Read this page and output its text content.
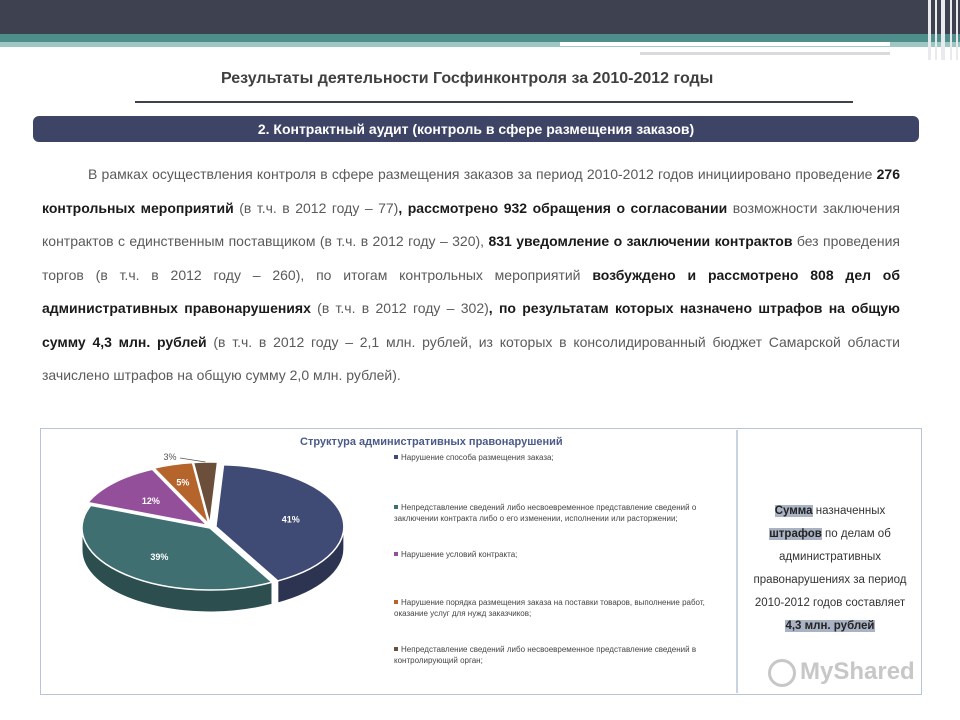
Результаты деятельности Госфинконтроля за 2010-2012 годы
2. Контрактный аудит (контроль в сфере размещения заказов)
В рамках осуществления контроля в сфере размещения заказов за период 2010-2012 годов инициировано проведение 276 контрольных мероприятий (в т.ч. в 2012 году – 77), рассмотрено 932 обращения о согласовании возможности заключения контрактов с единственным поставщиком (в т.ч. в 2012 году – 320), 831 уведомление о заключении контрактов без проведения торгов (в т.ч. в 2012 году – 260), по итогам контрольных мероприятий возбуждено и рассмотрено 808 дел об административных правонарушениях (в т.ч. в 2012 году – 302), по результатам которых назначено штрафов на общую сумму 4,3 млн. рублей (в т.ч. в 2012 году – 2,1 млн. рублей, из которых в консолидированный бюджет Самарской области зачислено штрафов на общую сумму 2,0 млн. рублей).
Структура административных правонарушений
41%
39%
12%
5%
3%	Нарушение способа размещения заказа;
Непредставление сведений либо несвоевременное представление сведений о заключении контракта либо о его изменении, исполнении или расторжении;
Нарушение условий контракта;
Нарушение порядка размещения заказа на поставки товаров, выполнение работ, оказание услуг для нужд заказчиков;
Непредставление сведений либо несвоевременное представление сведений в контролирующий орган;
Сумма назначенных штрафов по делам об административных правонарушениях за период 2010-2012 годов составляет
4,3 млн. рублей
MyShared
